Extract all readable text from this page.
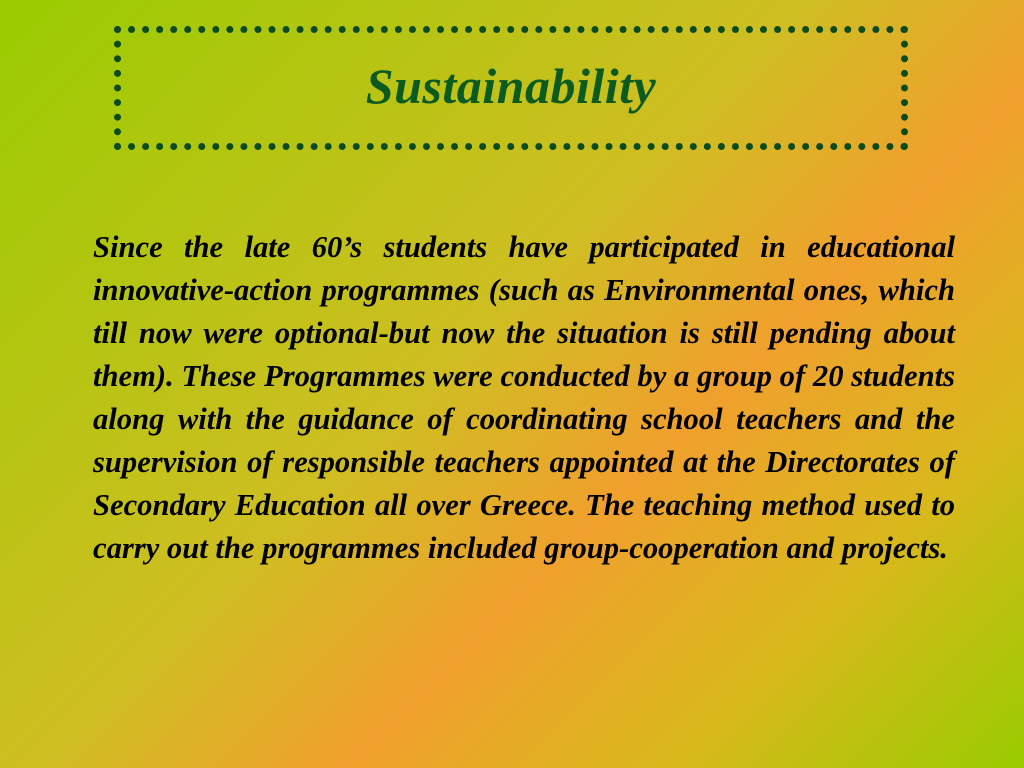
Sustainability

Since the late 60’s students have participated in educational innovative-action programmes (such as Environmental ones, which till now were optional-but now the situation is still pending about them). These Programmes were conducted by a group of 20 students along with the guidance of coordinating school teachers and the supervision of responsible teachers appointed at the Directorates of Secondary Education all over Greece. The teaching method used to carry out the programmes included group-cooperation and projects.
